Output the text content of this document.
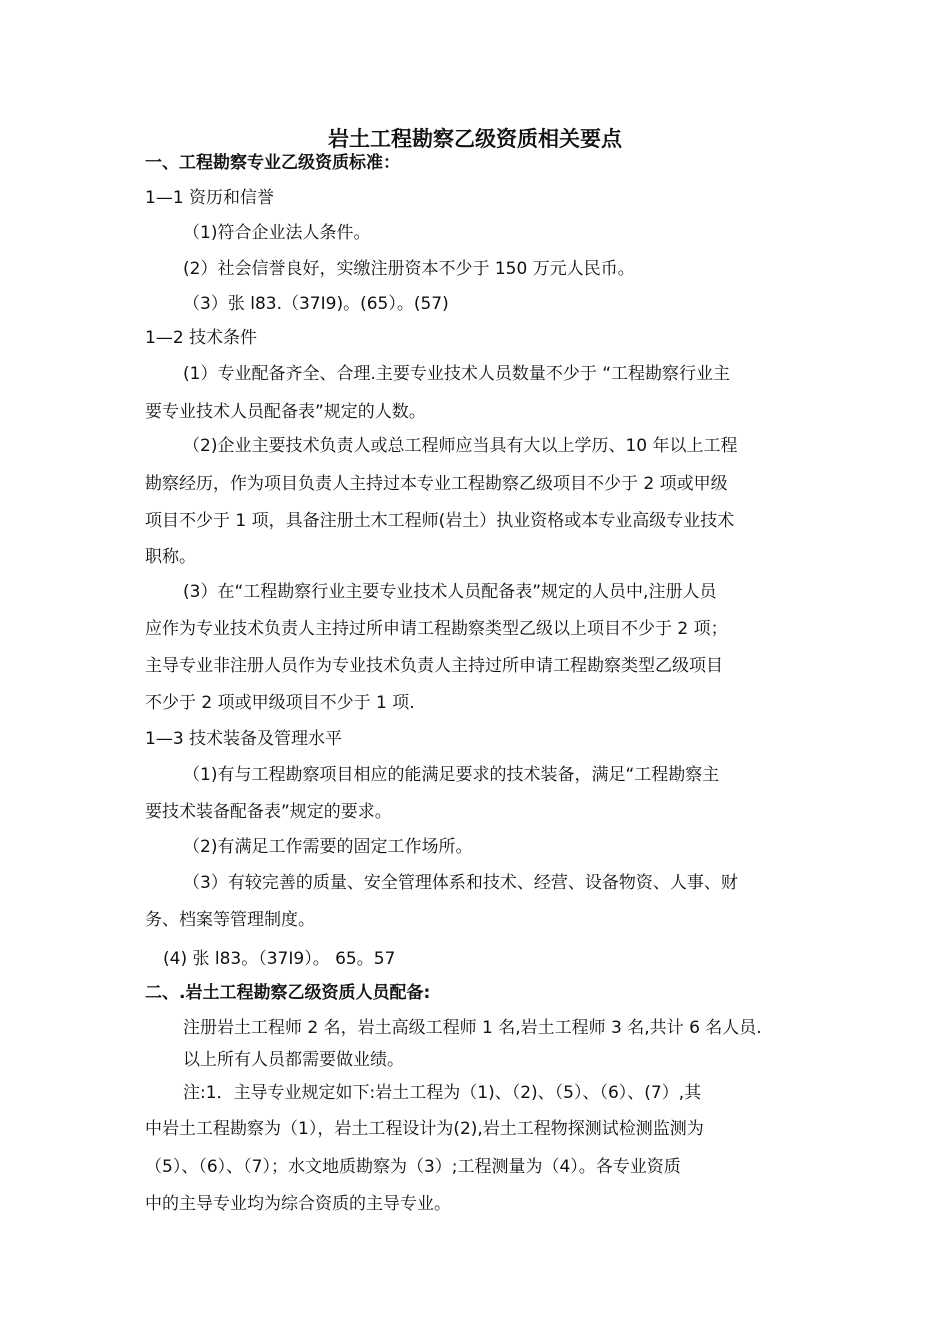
岩土工程勘察乙级资质相关要点
一、工程勘察专业乙级资质标准：
1—1 资历和信誉
（1)符合企业法人条件。
(2）社会信誉良好，实缴注册资本不少于 150 万元人民币。
（3）张 l83.（37I9)。(65）。(57)
1—2 技术条件
(1）专业配备齐全、合理.主要专业技术人员数量不少于 “工程勘察行业主
要专业技术人员配备表”规定的人数。
（2)企业主要技术负责人或总工程师应当具有大以上学历、10 年以上工程
勘察经历，作为项目负责人主持过本专业工程勘察乙级项目不少于 2 项或甲级
项目不少于 1 项，具备注册土木工程师(岩土）执业资格或本专业高级专业技术
职称。
(3）在“工程勘察行业主要专业技术人员配备表”规定的人员中,注册人员
应作为专业技术负责人主持过所申请工程勘察类型乙级以上项目不少于 2 项；
主导专业非注册人员作为专业技术负责人主持过所申请工程勘察类型乙级项目
不少于 2 项或甲级项目不少于 1 项.
1—3 技术装备及管理水平
（1)有与工程勘察项目相应的能满足要求的技术装备，满足“工程勘察主
要技术装备配备表”规定的要求。
（2)有满足工作需要的固定工作场所。
（3）有较完善的质量、安全管理体系和技术、经营、设备物资、人事、财
务、档案等管理制度。
(4) 张 l83。（37I9）。 65。57
二、.岩土工程勘察乙级资质人员配备:
注册岩土工程师 2 名，岩土高级工程师 1 名,岩土工程师 3 名,共计 6 名人员.
以上所有人员都需要做业绩。
注:1．主导专业规定如下:岩土工程为（1)、（2)、（5）、（6）、(7）,其
中岩土工程勘察为（1），岩土工程设计为(2),岩土工程物探测试检测监测为
（5）、（6）、（7）；水文地质勘察为（3）;工程测量为（4）。各专业资质
中的主导专业均为综合资质的主导专业。
